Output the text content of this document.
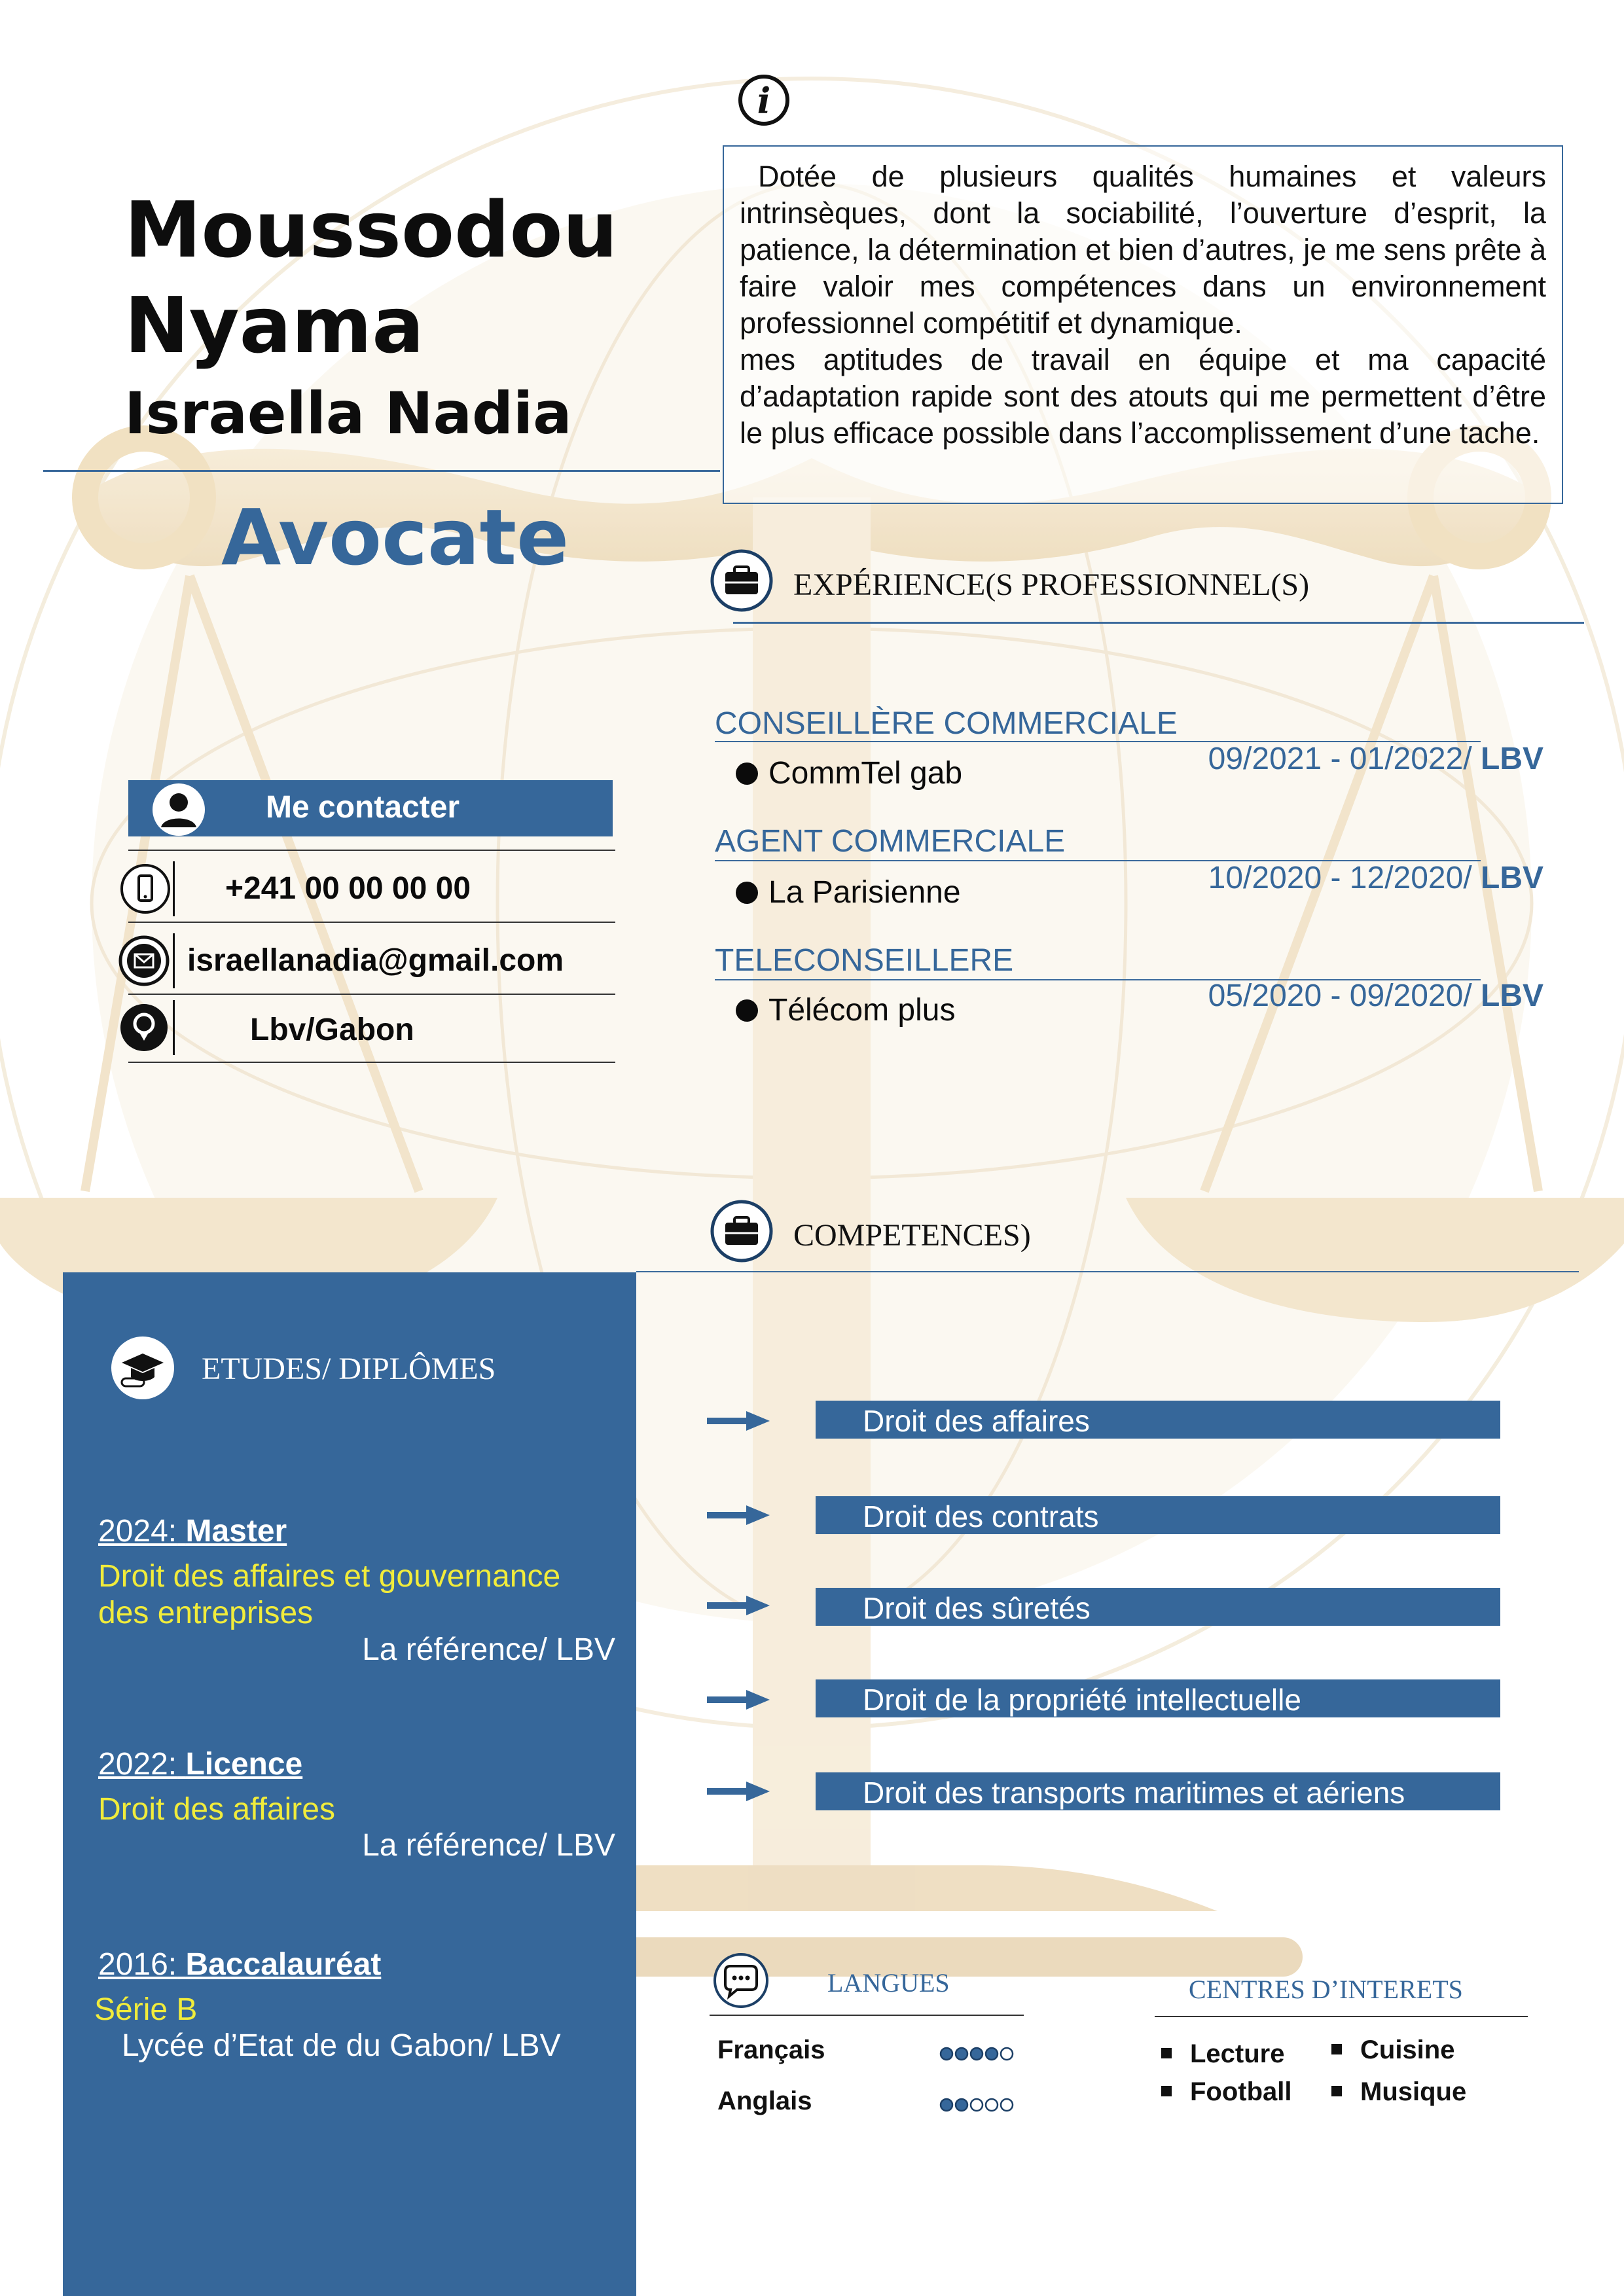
Moussodou
Nyama
Israella Nadia
Avocate
i
Dotée de plusieurs qualités humaines et valeurs intrinsèques, dont la sociabilité, l’ouverture d’esprit, la patience, la détermination et bien d’autres, je me sens prête à faire valoir mes compétences dans un environnement professionnel compétitif et dynamique.
mes aptitudes de travail en équipe et ma capacité d’adaptation rapide sont des atouts qui me permettent d’être le plus efficace possible dans l’accomplissement d’une tache.
EXPÉRIENCE(S PROFESSIONNEL(S)
CONSEILLÈRE COMMERCIALE
09/2021 - 01/2022/ LBV
CommTel gab
AGENT COMMERCIALE
10/2020 - 12/2020/ LBV
La Parisienne
TELECONSEILLERE
05/2020 - 09/2020/ LBV
Télécom plus
Me contacter
+241 00 00 00 00
israellanadia@gmail.com
Lbv/Gabon
COMPETENCES)
Droit des affaires
Droit des contrats
Droit des sûretés
Droit de la propriété intellectuelle
Droit des transports maritimes et aériens
ETUDES/ DIPLÔMES
2024: Master
Droit des affaires et gouvernance des entreprises
La référence/ LBV
2022: Licence
Droit des affaires
La référence/ LBV
2016: Baccalauréat
Série B
Lycée d’Etat de du Gabon/ LBV
LANGUES
Français
Anglais
CENTRES D’INTERETS
Lecture	Cuisine
Football	Musique
